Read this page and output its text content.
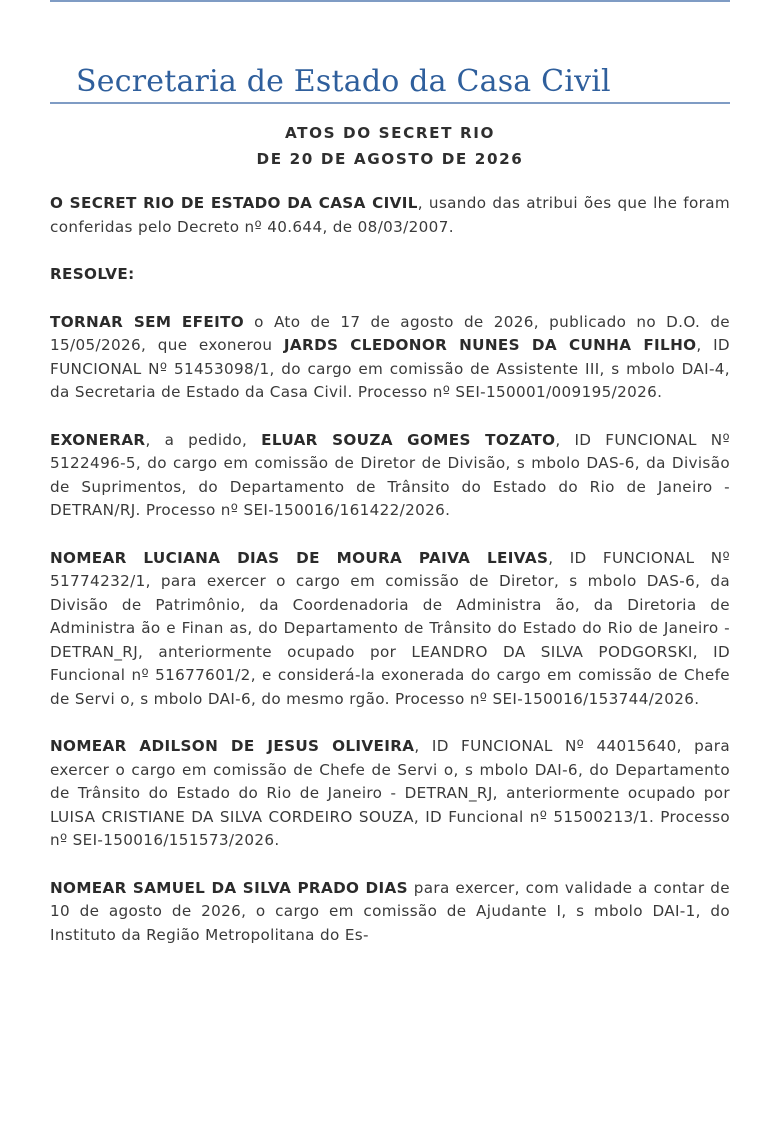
Secretaria de Estado da Casa Civil
ATOS DO SECRET RIO
DE 20 DE AGOSTO DE 2026

O SECRET RIO DE ESTADO DA CASA CIVIL, usando das atribui ões que lhe foram conferidas pelo Decreto nº 40.644, de 08/03/2007.

RESOLVE:

TORNAR SEM EFEITO o Ato de 17 de agosto de 2026, publicado no D.O. de 15/05/2026, que exonerou JARDS CLEDONOR NUNES DA CUNHA FILHO, ID FUNCIONAL Nº 51453098/1, do cargo em comissão de Assistente III, s mbolo DAI-4, da Secretaria de Estado da Casa Civil. Processo nº SEI-150001/009195/2026.

EXONERAR, a pedido, ELUAR SOUZA GOMES TOZATO, ID FUNCIONAL Nº 5122496-5, do cargo em comissão de Diretor de Divisão, s mbolo DAS-6, da Divisão de Suprimentos, do Departamento de Trânsito do Estado do Rio de Janeiro - DETRAN/RJ. Processo nº SEI-150016/161422/2026.

NOMEAR LUCIANA DIAS DE MOURA PAIVA LEIVAS, ID FUNCIONAL Nº 51774232/1, para exercer o cargo em comissão de Diretor, s mbolo DAS-6, da Divisão de Patrimônio, da Coordenadoria de Administra ão, da Diretoria de Administra ão e Finan as, do Departamento de Trânsito do Estado do Rio de Janeiro - DETRAN_RJ, anteriormente ocupado por LEANDRO DA SILVA PODGORSKI, ID Funcional nº 51677601/2, e considerá-la exonerada do cargo em comissão de Chefe de Servi o, s mbolo DAI-6, do mesmo rgão. Processo nº SEI-150016/153744/2026.

NOMEAR ADILSON DE JESUS OLIVEIRA, ID FUNCIONAL Nº 44015640, para exercer o cargo em comissão de Chefe de Servi o, s mbolo DAI-6, do Departamento de Trânsito do Estado do Rio de Janeiro - DETRAN_RJ, anteriormente ocupado por LUISA CRISTIANE DA SILVA CORDEIRO SOUZA, ID Funcional nº 51500213/1. Processo nº SEI-150016/151573/2026.

NOMEAR SAMUEL DA SILVA PRADO DIAS para exercer, com validade a contar de 10 de agosto de 2026, o cargo em comissão de Ajudante I, s mbolo DAI-1, do Instituto da Região Metropolitana do Es-
